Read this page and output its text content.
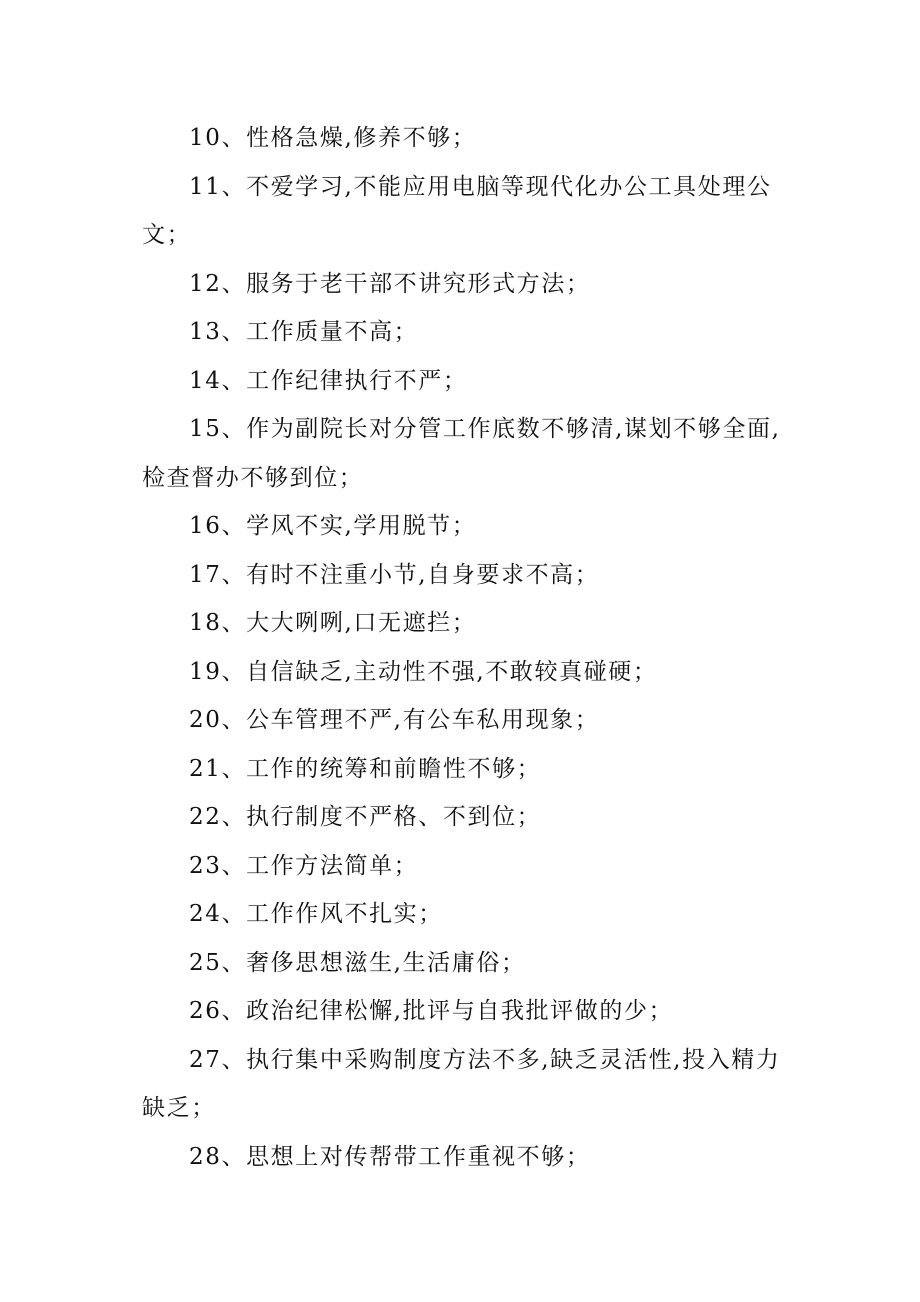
10、性格急燥,修养不够；

11、不爱学习,不能应用电脑等现代化办公工具处理公文；

12、服务于老干部不讲究形式方法；

13、工作质量不高；

14、工作纪律执行不严；

15、作为副院长对分管工作底数不够清,谋划不够全面,检查督办不够到位；

16、学风不实,学用脱节；

17、有时不注重小节,自身要求不高；

18、大大咧咧,口无遮拦；

19、自信缺乏,主动性不强,不敢较真碰硬；

20、公车管理不严,有公车私用现象；

21、工作的统筹和前瞻性不够；

22、执行制度不严格、不到位；

23、工作方法简单；

24、工作作风不扎实；

25、奢侈思想滋生,生活庸俗；

26、政治纪律松懈,批评与自我批评做的少；

27、执行集中采购制度方法不多,缺乏灵活性,投入精力缺乏；

28、思想上对传帮带工作重视不够；
